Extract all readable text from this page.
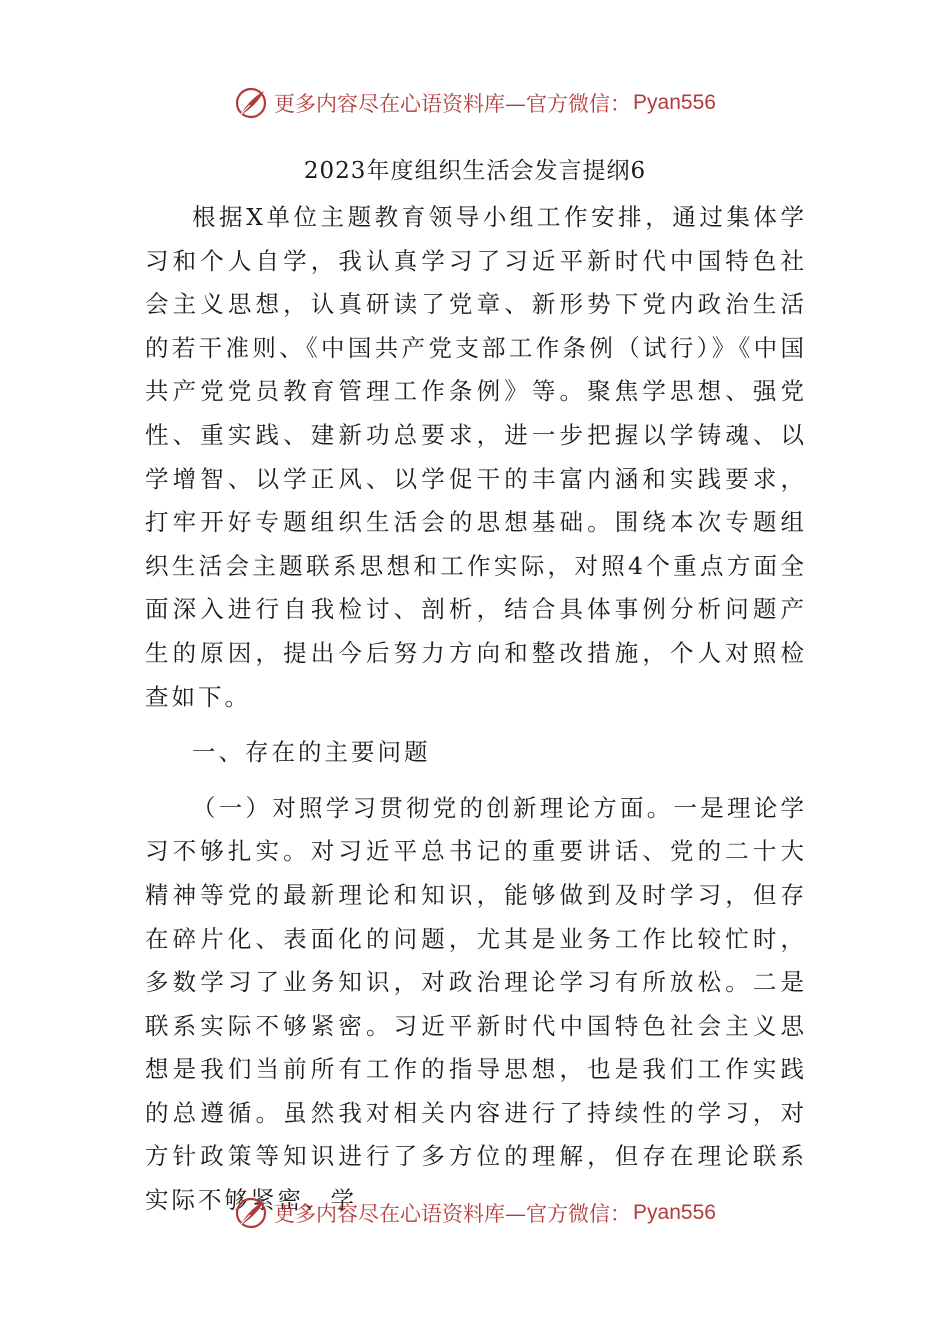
更多内容尽在心语资料库—官方微信： Pyan556
2023年度组织生活会发言提纲6

根据X单位主题教育领导小组工作安排，通过集体学习和个人自学，我认真学习了习近平新时代中国特色社会主义思想，认真研读了党章、新形势下党内政治生活的若干准则、《中国共产党支部工作条例（试行）》《中国共产党党员教育管理工作条例》等。聚焦学思想、强党性、重实践、建新功总要求，进一步把握以学铸魂、以学增智、以学正风、以学促干的丰富内涵和实践要求，打牢开好专题组织生活会的思想基础。围绕本次专题组织生活会主题联系思想和工作实际，对照4个重点方面全面深入进行自我检讨、剖析，结合具体事例分析问题产生的原因，提出今后努力方向和整改措施，个人对照检查如下。

一、存在的主要问题

（一）对照学习贯彻党的创新理论方面。一是理论学习不够扎实。对习近平总书记的重要讲话、党的二十大精神等党的最新理论和知识，能够做到及时学习，但存在碎片化、表面化的问题，尤其是业务工作比较忙时，多数学习了业务知识，对政治理论学习有所放松。二是联系实际不够紧密。习近平新时代中国特色社会主义思想是我们当前所有工作的指导思想，也是我们工作实践的总遵循。虽然我对相关内容进行了持续性的学习，对方针政策等知识进行了多方位的理解，但存在理论联系实际不够紧密、学

更多内容尽在心语资料库—官方微信： Pyan556
